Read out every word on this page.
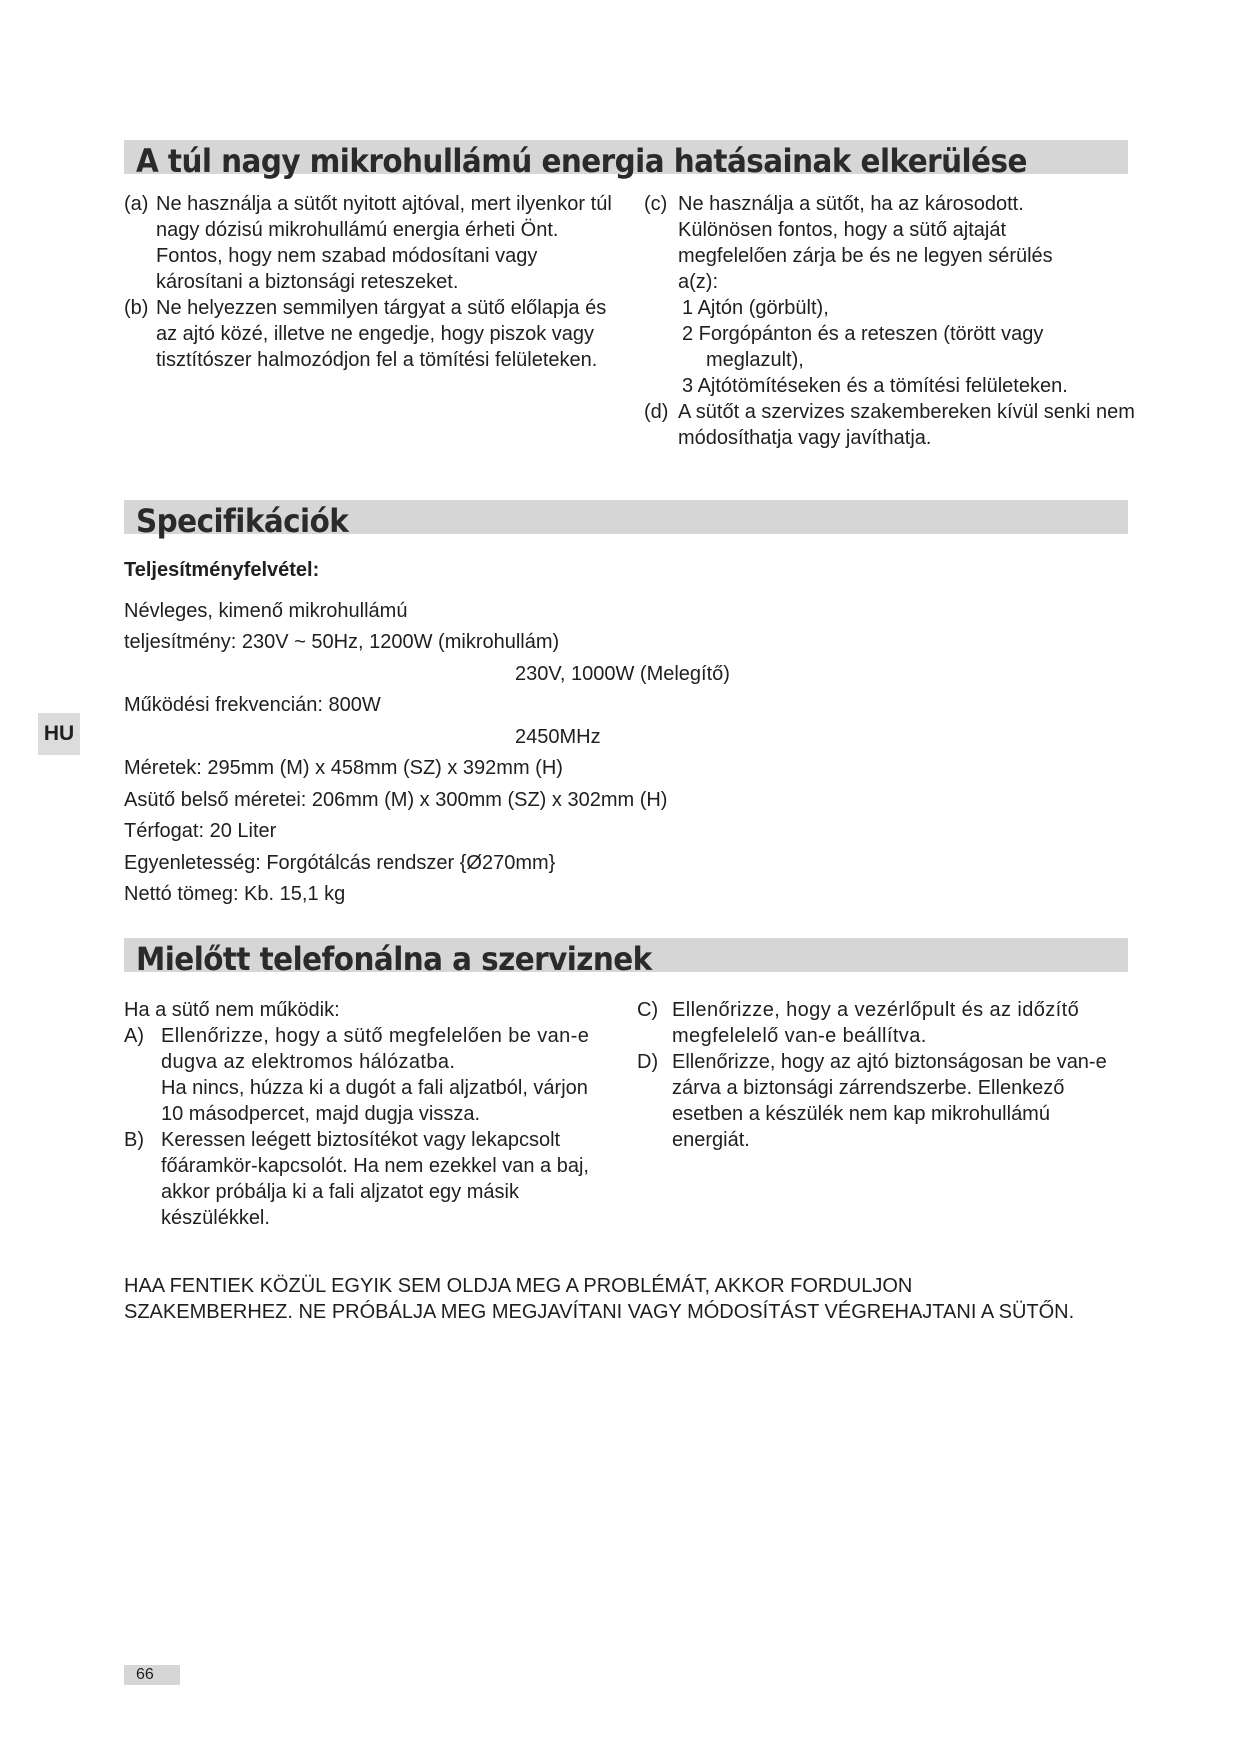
A túl nagy mikrohullámú energia hatásainak elkerülése
(a) Ne használja a sütőt nyitott ajtóval, mert ilyenkor túl nagy dózisú mikrohullámú energia érheti Önt. Fontos, hogy nem szabad módosítani vagy károsítani a biztonsági reteszeket.
(b) Ne helyezzen semmilyen tárgyat a sütő előlapja és az ajtó közé, illetve ne engedje, hogy piszok vagy tisztítószer halmozódjon fel a tömítési felületeken.
(c) Ne használja a sütőt, ha az károsodott. Különösen fontos, hogy a sütő ajtaját megfelelően zárja be és ne legyen sérülés a(z):
1 Ajtón (görbült),
2 Forgópánton és a reteszen (törött vagy
meglazult),
3 Ajtótömítéseken és a tömítési felületeken.
(d) A sütőt a szervizes szakembereken kívül senki nem módosíthatja vagy javíthatja.
Specifikációk
Teljesítményfelvétel:
Névleges, kimenő mikrohullámú
teljesítmény: 230V ~ 50Hz, 1200W (mikrohullám)
230V, 1000W (Melegítő)
Működési frekvencián: 800W
2450MHz
Méretek: 295mm (M) x 458mm (SZ) x 392mm (H)
Asütő belső méretei: 206mm (M) x 300mm (SZ) x 302mm (H)
Térfogat: 20 Liter
Egyenletesség: Forgótálcás rendszer {Ø270mm}
Nettó tömeg: Kb. 15,1 kg
HU
Mielőtt telefonálna a szerviznek
Ha a sütő nem működik:
A) Ellenőrizze, hogy a sütő megfelelően be van-e dugva az elektromos hálózatba.
Ha nincs, húzza ki a dugót a fali aljzatból, várjon 10 másodpercet, majd dugja vissza.
B) Keressen leégett biztosítékot vagy lekapcsolt főáramkör-kapcsolót. Ha nem ezekkel van a baj, akkor próbálja ki a fali aljzatot egy másik készülékkel.
C) Ellenőrizze, hogy a vezérlőpult és az időzítő megfelelelő van-e beállítva.
D) Ellenőrizze, hogy az ajtó biztonságosan be van-e zárva a biztonsági zárrendszerbe. Ellenkező esetben a készülék nem kap mikrohullámú energiát.
HAA FENTIEK KÖZÜL EGYIK SEM OLDJA MEG A PROBLÉMÁT, AKKOR FORDULJON SZAKEMBERHEZ. NE PRÓBÁLJA MEG MEGJAVÍTANI VAGY MÓDOSÍTÁST VÉGREHAJTANI A SÜTŐN.
66
